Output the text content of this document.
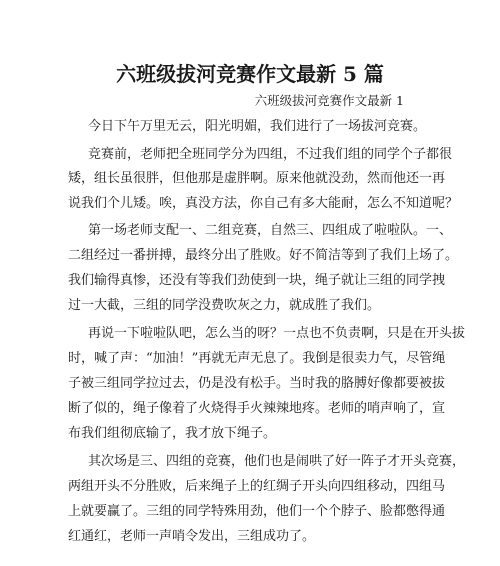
六班级拔河竞赛作文最新 5 篇
六班级拔河竞赛作文最新 1
今日下午万里无云，阳光明媚，我们进行了一场拔河竞赛。
竞赛前，老师把全班同学分为四组，不过我们组的同学个子都很
矮，组长虽很胖，但他那是虚胖啊。原来他就没劲，然而他还一再
说我们个儿矮。唉，真没方法，你自己有多大能耐，怎么不知道呢？
第一场老师支配一、二组竞赛，自然三、四组成了啦啦队。一、
二组经过一番拼搏，最终分出了胜败。好不简洁等到了我们上场了。
我们输得真惨，还没有等我们劲使到一块，绳子就让三组的同学拽
过一大截，三组的同学没费吹灰之力，就成胜了我们。
再说一下啦啦队吧，怎么当的呀？一点也不负责啊，只是在开头拔
时，喊了声：“加油！”再就无声无息了。我倒是很卖力气，尽管绳
子被三组同学拉过去，仍是没有松手。当时我的胳膊好像都要被拔
断了似的，绳子像着了火烧得手火辣辣地疼。老师的哨声响了，宣
布我们组彻底输了，我才放下绳子。
其次场是三、四组的竞赛，他们也是闹哄了好一阵子才开头竞赛，
两组开头不分胜败，后来绳子上的红绸子开头向四组移动，四组马
上就要赢了。三组的同学特殊用劲，他们一个个脖子、脸都憋得通
红通红，老师一声哨令发出，三组成功了。
